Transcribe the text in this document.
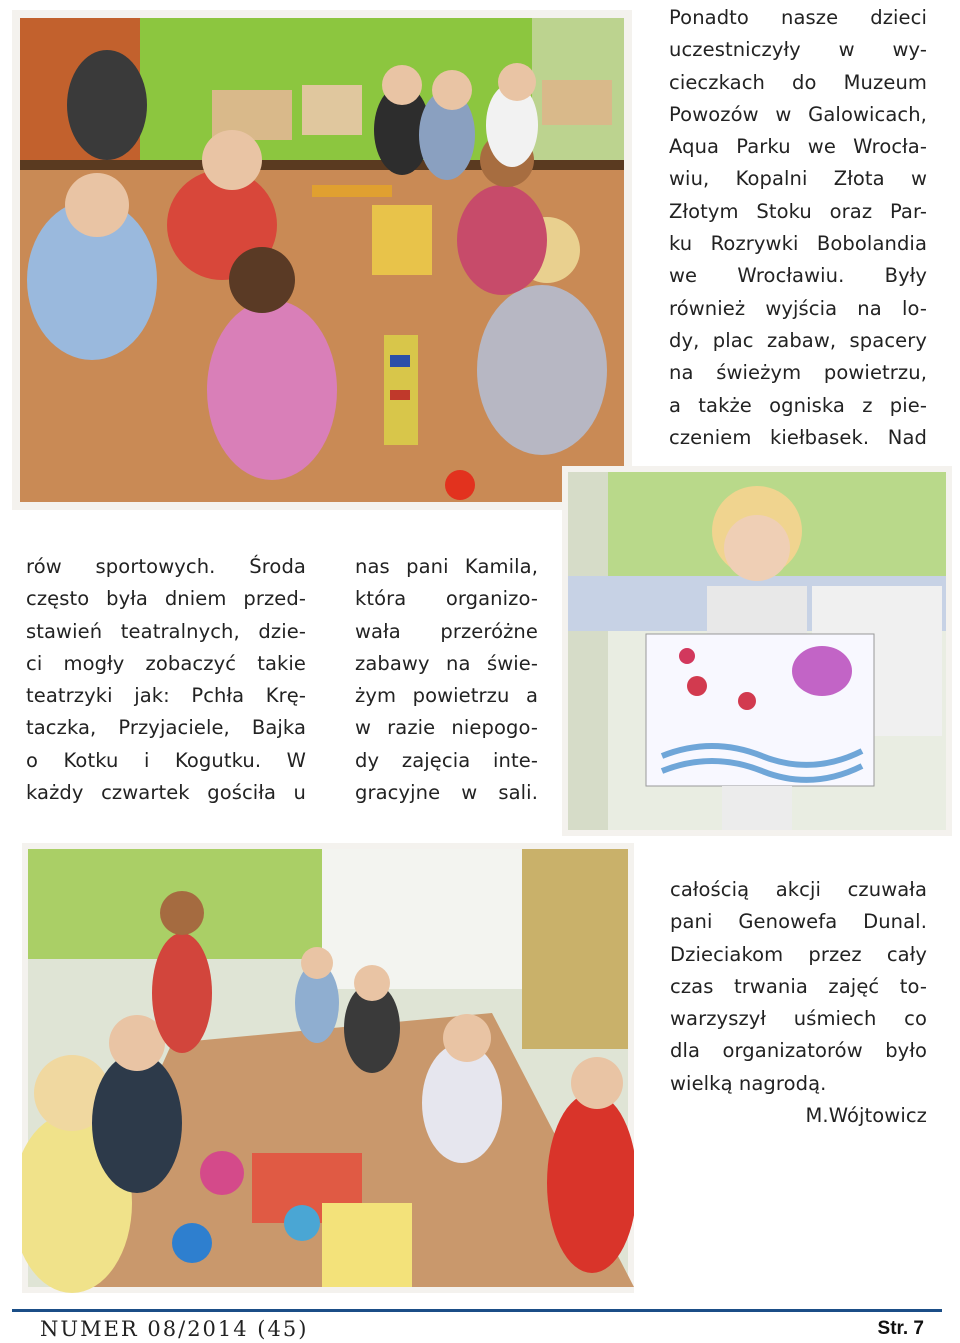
Ponadto nasze dzieci
uczestniczyły w wy-
cieczkach do Muzeum
Powozów w Galowicach,
Aqua Parku we Wrocła-
wiu, Kopalni Złota w
Złotym Stoku oraz Par-
ku Rozrywki Bobolandia
we Wrocławiu. Były
również wyjścia na lo-
dy, plac zabaw, spacery
na świeżym powietrzu,
a także ogniska z pie-
czeniem kiełbasek. Nad
rów sportowych. Środa
często była dniem przed-
stawień teatralnych, dzie-
ci mogły zobaczyć takie
teatrzyki jak: Pchła Krę-
taczka, Przyjaciele, Bajka
o Kotku i Kogutku. W
każdy czwartek gościła u
nas pani Kamila,
która organizo-
wała przeróżne
zabawy na świe-
żym powietrzu a
w razie niepogo-
dy zajęcia inte-
gracyjne w sali.
całością akcji czuwała
pani Genowefa Dunal.
Dzieciakom przez cały
czas trwania zajęć to-
warzyszył uśmiech co
dla organizatorów było
wielką nagrodą.
M.Wójtowicz
NUMER 08/2014 (45)	Str. 7
